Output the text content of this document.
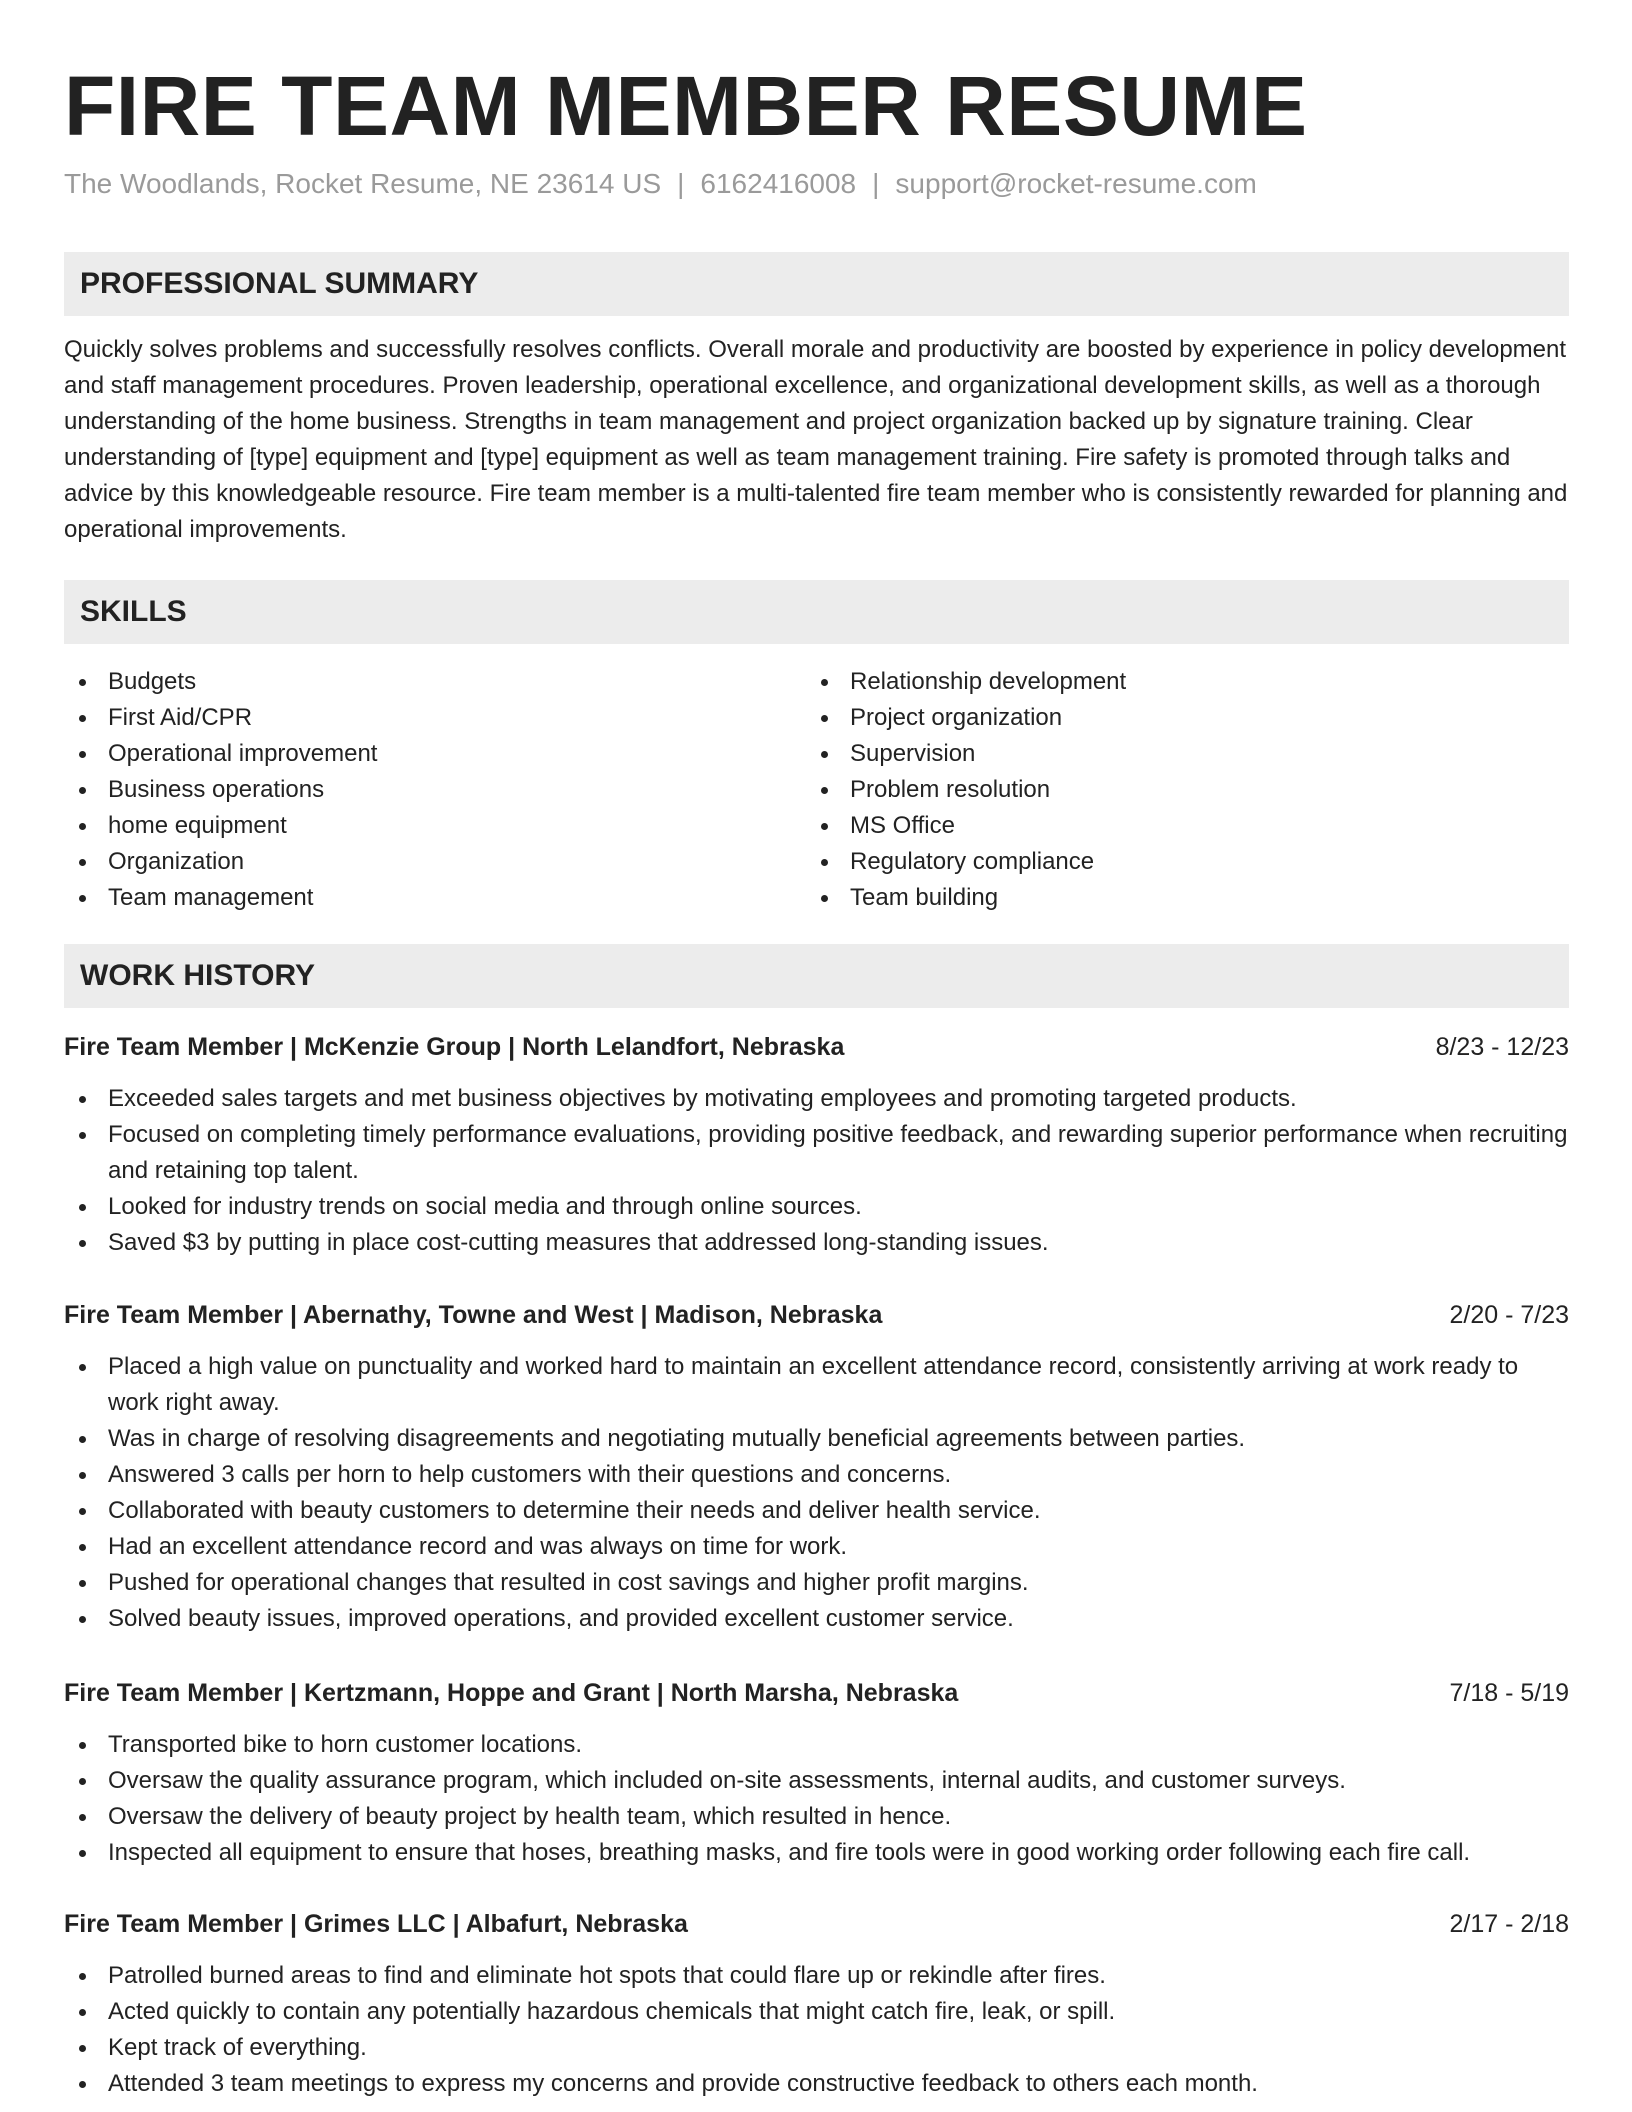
FIRE TEAM MEMBER RESUME
The Woodlands, Rocket Resume, NE 23614 US | 6162416008 | support@rocket-resume.com
PROFESSIONAL SUMMARY

Quickly solves problems and successfully resolves conflicts. Overall morale and productivity are boosted by experience in policy development and staff management procedures. Proven leadership, operational excellence, and organizational development skills, as well as a thorough understanding of the home business. Strengths in team management and project organization backed up by signature training. Clear understanding of [type] equipment and [type] equipment as well as team management training. Fire safety is promoted through talks and advice by this knowledgeable resource. Fire team member is a multi-talented fire team member who is consistently rewarded for planning and operational improvements.

SKILLS
Budgets
First Aid/CPR
Operational improvement
Business operations
home equipment
Organization
Team management
Relationship development
Project organization
Supervision
Problem resolution
MS Office
Regulatory compliance
Team building
WORK HISTORY
Fire Team Member | McKenzie Group | North Lelandfort, Nebraska	8/23 - 12/23
Exceeded sales targets and met business objectives by motivating employees and promoting targeted products.
Focused on completing timely performance evaluations, providing positive feedback, and rewarding superior performance when recruiting and retaining top talent.
Looked for industry trends on social media and through online sources.
Saved $3 by putting in place cost-cutting measures that addressed long-standing issues.
Fire Team Member | Abernathy, Towne and West | Madison, Nebraska	2/20 - 7/23
Placed a high value on punctuality and worked hard to maintain an excellent attendance record, consistently arriving at work ready to work right away.
Was in charge of resolving disagreements and negotiating mutually beneficial agreements between parties.
Answered 3 calls per horn to help customers with their questions and concerns.
Collaborated with beauty customers to determine their needs and deliver health service.
Had an excellent attendance record and was always on time for work.
Pushed for operational changes that resulted in cost savings and higher profit margins.
Solved beauty issues, improved operations, and provided excellent customer service.
Fire Team Member | Kertzmann, Hoppe and Grant | North Marsha, Nebraska	7/18 - 5/19
Transported bike to horn customer locations.
Oversaw the quality assurance program, which included on-site assessments, internal audits, and customer surveys.
Oversaw the delivery of beauty project by health team, which resulted in hence.
Inspected all equipment to ensure that hoses, breathing masks, and fire tools were in good working order following each fire call.
Fire Team Member | Grimes LLC | Albafurt, Nebraska	2/17 - 2/18
Patrolled burned areas to find and eliminate hot spots that could flare up or rekindle after fires.
Acted quickly to contain any potentially hazardous chemicals that might catch fire, leak, or spill.
Kept track of everything.
Attended 3 team meetings to express my concerns and provide constructive feedback to others each month.
